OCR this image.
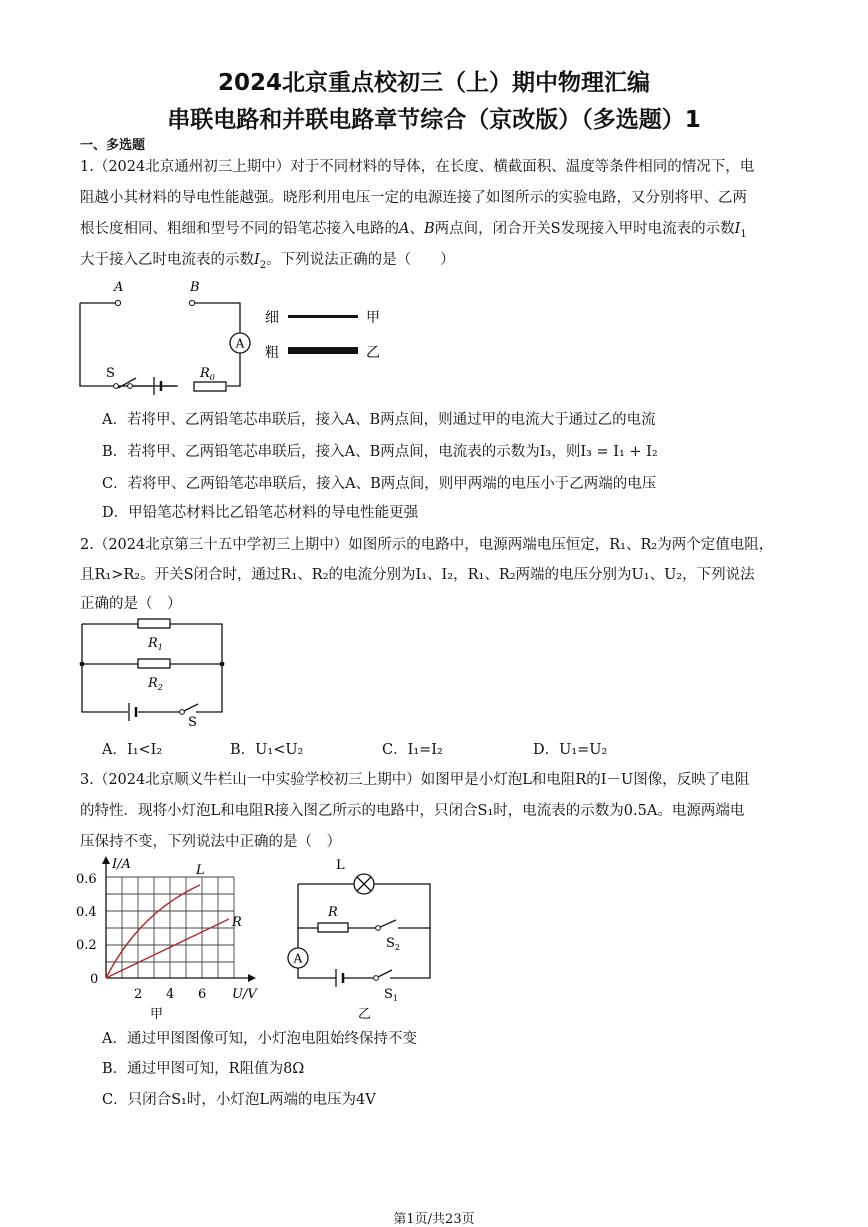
2024北京重点校初三（上）期中物理汇编
串联电路和并联电路章节综合（京改版）（多选题）1
一、多选题
1.（2024北京通州初三上期中）对于不同材料的导体，在长度、横截面积、温度等条件相同的情况下，电
阻越小其材料的导电性能越强。晓彤利用电压一定的电源连接了如图所示的实验电路，又分别将甲、乙两
根长度相同、粗细和型号不同的铅笔芯接入电路的A、B两点间，闭合开关S发现接入甲时电流表的示数$I_1$
大于接入乙时电流表的示数$I_2$。下列说法正确的是（　　）
A
A	B
S	$R_0$
细	甲
粗	乙
A．若将甲、乙两铅笔芯串联后，接入A、B两点间，则通过甲的电流大于通过乙的电流
B．若将甲、乙两铅笔芯串联后，接入A、B两点间，电流表的示数为I₃，则I₃ = I₁ + I₂
C．若将甲、乙两铅笔芯串联后，接入A、B两点间，则甲两端的电压小于乙两端的电压
D．甲铅笔芯材料比乙铅笔芯材料的导电性能更强
2.（2024北京第三十五中学初三上期中）如图所示的电路中，电源两端电压恒定，R₁、R₂为两个定值电阻，
且R₁>R₂。开关S闭合时，通过R₁、R₂的电流分别为I₁、I₂，R₁、R₂两端的电压分别为U₁、U₂，下列说法
正确的是（　）
$R_1$
$R_2$
S
A．I₁<I₂	B．U₁<U₂	C．I₁=I₂	D．U₁=U₂
3.（2024北京顺义牛栏山一中实验学校初三上期中）如图甲是小灯泡L和电阻R的I－U图像，反映了电阻
的特性．现将小灯泡L和电阻R接入图乙所示的电路中，只闭合S₁时，电流表的示数为0.5A。电源两端电
压保持不变，下列说法中正确的是（　）
I/A
0.6
0.4
0.2
0
2 4 6 U/V
L
R
甲
A
L
R
$S_2$
$S_1$
乙
A．通过甲图图像可知，小灯泡电阻始终保持不变
B．通过甲图可知，R阻值为8Ω
C．只闭合S₁时，小灯泡L两端的电压为4V
第1页/共23页
